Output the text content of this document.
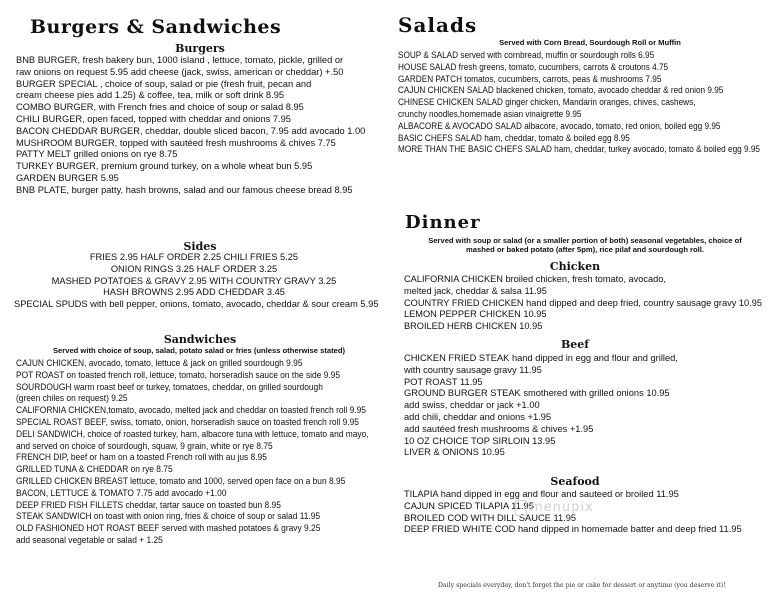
Burgers & Sandwiches
Burgers
BNB BURGER, fresh bakery bun, 1000 island , lettuce, tomato, pickle, grilled or
raw onions on request 5.95 add cheese (jack, swiss, american or cheddar) +.50
BURGER SPECIAL , choice of soup, salad or pie (fresh fruit, pecan and
cream cheese pies add 1.25) & coffee, tea, milk or soft drink 8.95
COMBO BURGER, with French fries and choice of soup or salad 8.95
CHILI BURGER, open faced, topped with cheddar and onions 7.95
BACON CHEDDAR BURGER, cheddar, double sliced bacon, 7.95 add avocado 1.00
MUSHROOM BURGER, topped with sautéed fresh mushrooms & chives 7.75
PATTY MELT grilled onions on rye 8.75
TURKEY BURGER, premium ground turkey, on a whole wheat bun 5.95
GARDEN BURGER 5.95
BNB PLATE, burger patty, hash browns, salad and our famous cheese bread 8.95
Sides
FRIES 2.95 HALF ORDER 2.25 CHILI FRIES 5.25
ONION RINGS 3.25 HALF ORDER 3.25
MASHED POTATOES & GRAVY 2.95 WITH COUNTRY GRAVY 3.25
HASH BROWNS 2.95 ADD CHEDDAR 3.45
SPECIAL SPUDS with bell pepper, onions, tomato, avocado, cheddar & sour cream 5.95
Sandwiches
Served with choice of soup, salad, potato salad or fries (unless otherwise stated)
CAJUN CHICKEN, avocado, tomato, lettuce & jack on grilled sourdough 9.95
POT ROAST on toasted french roll, lettuce, tomato, horseradish sauce on the side 9.95
SOURDOUGH warm roast beef or turkey, tomatoes, cheddar, on grilled sourdough
(green chiles on request) 9.25
CALIFORNIA CHICKEN,tomato, avocado, melted jack and cheddar on toasted french roll 9.95
SPECIAL ROAST BEEF, swiss, tomato, onion, horseradish sauce on toasted french roll 9.95
DELI SANDWICH, choice of roasted turkey, ham, albacore tuna with lettuce, tomato and mayo,
and served on choice of sourdough, squaw, 9 grain, white or rye 8.75
FRENCH DIP, beef or ham on a toasted French roll with au jus 8.95
GRILLED TUNA & CHEDDAR on rye 8.75
GRILLED CHICKEN BREAST lettuce, tomato and 1000, served open face on a bun 8.95
BACON, LETTUCE & TOMATO 7.75 add avocado +1.00
DEEP FRIED FISH FILLETS cheddar, tartar sauce on toasted bun 8.95
STEAK SANDWICH on toast with onion ring, fries & choice of soup or salad 11.95
OLD FASHIONED HOT ROAST BEEF served with mashed potatoes & gravy 9.25
add seasonal vegetable or salad + 1.25
Salads
Served with Corn Bread, Sourdough Roll or Muffin
SOUP & SALAD served with cornbread, muffin or sourdough rolls 6.95
HOUSE SALAD fresh greens, tomato, cucumbers, carrots & croutons 4.75
GARDEN PATCH tomatos, cucumbers, carrots, peas & mushrooms 7.95
CAJUN CHICKEN SALAD blackened chicken, tomato, avocado cheddar & red onion 9.95
CHINESE CHICKEN SALAD ginger chicken, Mandarin oranges, chives, cashews,
crunchy noodles,homemade asian vinaigrette 9.95
ALBACORE & AVOCADO SALAD albacore, avocado, tomato, red onion, boiled egg 9.95
BASIC CHEFS SALAD ham, cheddar, tomato & boiled egg 8.95
MORE THAN THE BASIC CHEFS SALAD ham, cheddar, turkey avocado, tomato & boiled egg 9.95
Dinner
Served with soup or salad (or a smaller portion of both) seasonal vegetables, choice of
mashed or baked potato (after 5pm), rice pilaf and sourdough roll.
Chicken
CALIFORNIA CHICKEN broiled chicken, fresh tomato, avocado,
melted jack, cheddar & salsa 11.95
COUNTRY FRIED CHICKEN hand dipped and deep fried, country sausage gravy 10.95
LEMON PEPPER CHICKEN 10.95
BROILED HERB CHICKEN 10.95
Beef
CHICKEN FRIED STEAK hand dipped in egg and flour and grilled,
with country sausage gravy 11.95
POT ROAST 11.95
GROUND BURGER STEAK smothered with grilled onions 10.95
add swiss, cheddar or jack +1.00
add chili, cheddar and onions +1.95
add sautéed fresh mushrooms & chives +1.95
10 OZ CHOICE TOP SIRLOIN 13.95
LIVER & ONIONS 10.95
Seafood
TILAPIA hand dipped in egg and flour and sauteed or broiled 11.95
CAJUN SPICED TILAPIA 11.95
BROILED COD WITH DILL SAUCE 11.95
DEEP FRIED WHITE COD hand dipped in homemade batter and deep fried 11.95
menupix
Daily specials everyday, don't forget the pie or cake for dessert or anytime (you deserve it)!
